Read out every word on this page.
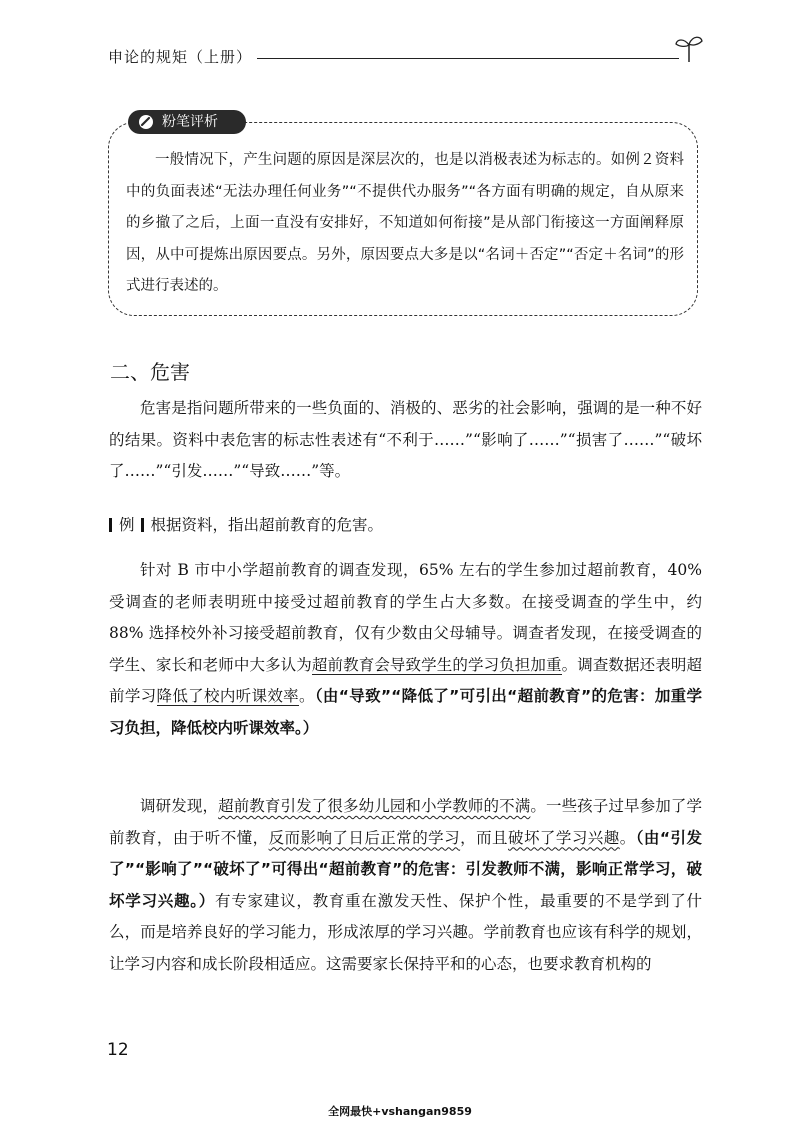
申论的规矩（上册）
粉笔评析

一般情况下，产生问题的原因是深层次的，也是以消极表述为标志的。如例２资料中的负面表述“无法办理任何业务”“不提供代办服务”“各方面有明确的规定，自从原来的乡撤了之后，上面一直没有安排好，不知道如何衔接”是从部门衔接这一方面阐释原因，从中可提炼出原因要点。另外，原因要点大多是以“名词＋否定”“否定＋名词”的形式进行表述的。

二、危害

危害是指问题所带来的一些负面的、消极的、恶劣的社会影响，强调的是一种不好的结果。资料中表危害的标志性表述有“不利于……”“影响了……”“损害了……”“破坏了……”“引发……”“导致……”等。

例 根据资料，指出超前教育的危害。

针对 B 市中小学超前教育的调查发现，65% 左右的学生参加过超前教育，40% 受调查的老师表明班中接受过超前教育的学生占大多数。在接受调查的学生中，约 88% 选择校外补习接受超前教育，仅有少数由父母辅导。调查者发现，在接受调查的学生、家长和老师中大多认为超前教育会导致学生的学习负担加重。调查数据还表明超前学习降低了校内听课效率。（由“导致”“降低了”可引出“超前教育”的危害：加重学习负担，降低校内听课效率。）

调研发现，超前教育引发了很多幼儿园和小学教师的不满。一些孩子过早参加了学前教育，由于听不懂，反而影响了日后正常的学习，而且破坏了学习兴趣。（由“引发了”“影响了”“破坏了”可得出“超前教育”的危害：引发教师不满，影响正常学习，破坏学习兴趣。）有专家建议，教育重在激发天性、保护个性，最重要的不是学到了什么，而是培养良好的学习能力，形成浓厚的学习兴趣。学前教育也应该有科学的规划，让学习内容和成长阶段相适应。这需要家长保持平和的心态，也要求教育机构的

12
全网最快+vshangan9859
